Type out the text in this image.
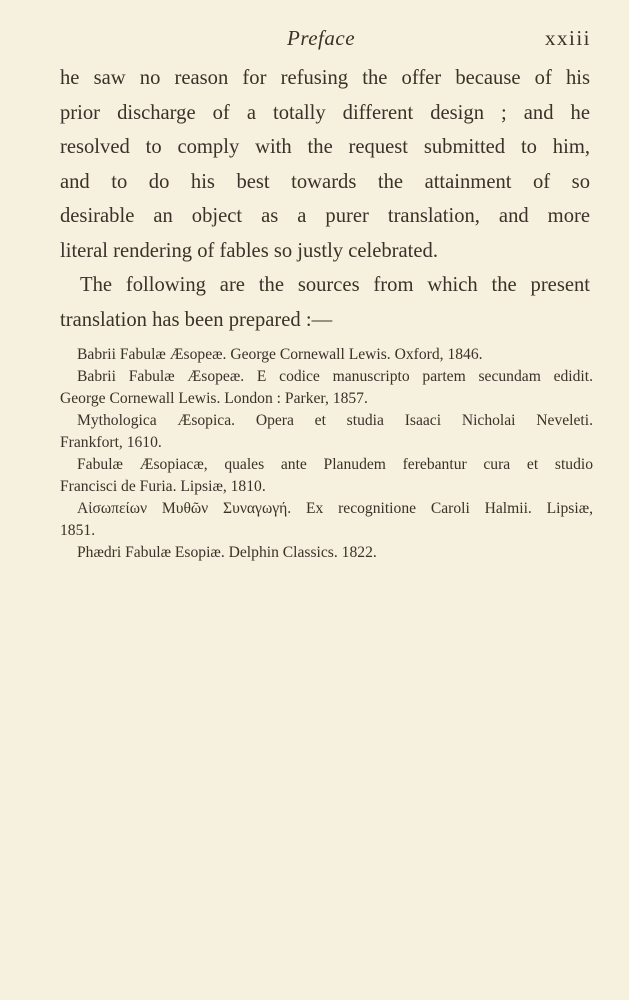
Preface	xxiii

he saw no reason for refusing the offer because of his
prior discharge of a totally different design ; and he
resolved to comply with the request submitted to him,
and to do his best towards the attainment of so
desirable an object as a purer translation, and more
literal rendering of fables so justly celebrated.

The following are the sources from which the present
translation has been prepared :—

Babrii Fabulæ Æsopeæ. George Cornewall Lewis. Oxford, 1846.

Babrii Fabulæ Æsopeæ. E codice manuscripto partem secundam edidit.
George Cornewall Lewis. London : Parker, 1857.

Mythologica Æsopica. Opera et studia Isaaci Nicholai Neveleti.
Frankfort, 1610.

Fabulæ Æsopiacæ, quales ante Planudem ferebantur cura et studio
Francisci de Furia. Lipsiæ, 1810.

Αἰσωπείων Μυθῶν Συναγωγή. Ex recognitione Caroli Halmii. Lipsiæ,
1851.

Phædri Fabulæ Esopiæ. Delphin Classics. 1822.
